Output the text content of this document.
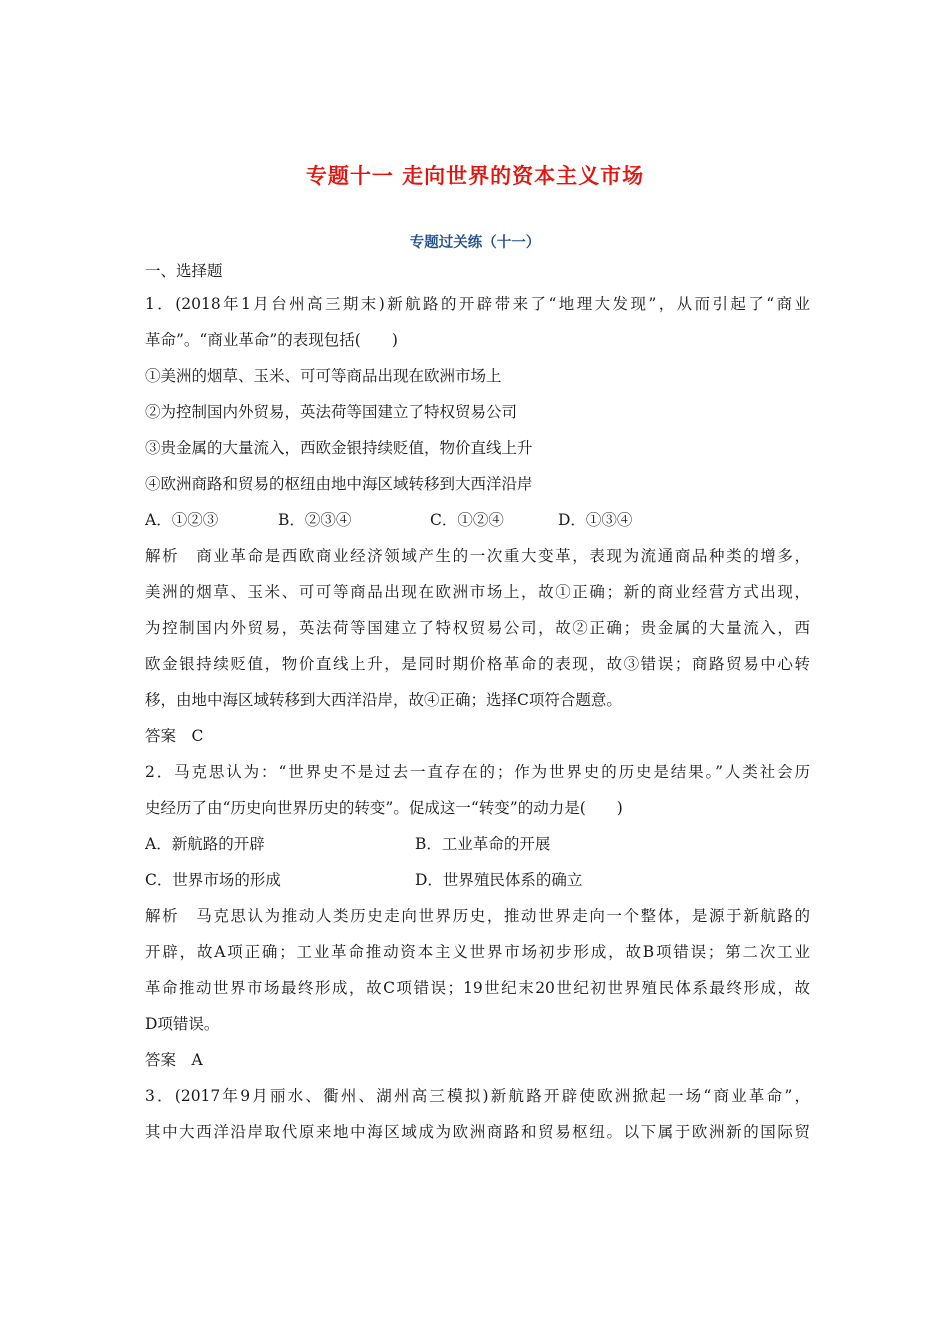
专题十一 走向世界的资本主义市场
专题过关练（十一）
一、选择题
1．(2018年1月台州高三期末)新航路的开辟带来了“地理大发现”，从而引起了“商业
革命”。“商业革命”的表现包括(　　)
①美洲的烟草、玉米、可可等商品出现在欧洲市场上
②为控制国内外贸易，英法荷等国建立了特权贸易公司
③贵金属的大量流入，西欧金银持续贬值，物价直线上升
④欧洲商路和贸易的枢纽由地中海区域转移到大西洋沿岸
A．①②③	B．②③④	C．①②④	D．①③④
解析　商业革命是西欧商业经济领域产生的一次重大变革，表现为流通商品种类的增多，
美洲的烟草、玉米、可可等商品出现在欧洲市场上，故①正确；新的商业经营方式出现，
为控制国内外贸易，英法荷等国建立了特权贸易公司，故②正确；贵金属的大量流入，西
欧金银持续贬值，物价直线上升，是同时期价格革命的表现，故③错误；商路贸易中心转
移，由地中海区域转移到大西洋沿岸，故④正确；选择C项符合题意。
答案　C
2．马克思认为：“世界史不是过去一直存在的；作为世界史的历史是结果。”人类社会历
史经历了由“历史向世界历史的转变”。促成这一“转变”的动力是(　　)
A．新航路的开辟	B．工业革命的开展
C．世界市场的形成	D．世界殖民体系的确立
解析　马克思认为推动人类历史走向世界历史，推动世界走向一个整体，是源于新航路的
开辟，故A项正确；工业革命推动资本主义世界市场初步形成，故B项错误；第二次工业
革命推动世界市场最终形成，故C项错误；19世纪末20世纪初世界殖民体系最终形成，故
D项错误。
答案　A
3．(2017年9月丽水、衢州、湖州高三模拟)新航路开辟使欧洲掀起一场“商业革命”，
其中大西洋沿岸取代原来地中海区域成为欧洲商路和贸易枢纽。以下属于欧洲新的国际贸
